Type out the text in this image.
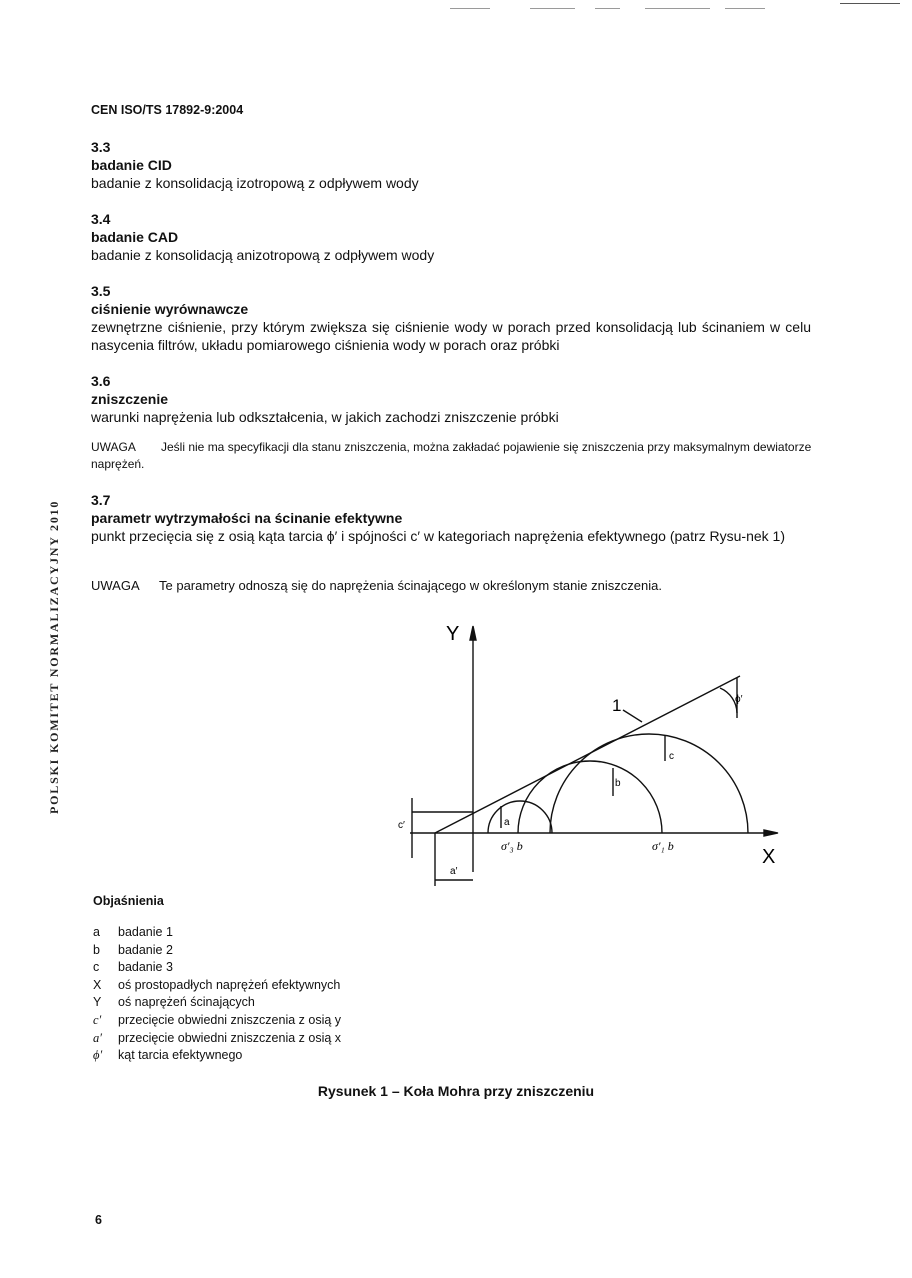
POLSKI KOMITET NORMALIZACYJNY 2010
CEN ISO/TS 17892-9:2004
3.3
badanie CID
badanie z konsolidacją izotropową z odpływem wody
3.4
badanie CAD
badanie z konsolidacją anizotropową z odpływem wody
3.5
ciśnienie wyrównawcze
zewnętrzne ciśnienie, przy którym zwiększa się ciśnienie wody w porach przed konsolidacją lub ścinaniem w celu nasycenia filtrów, układu pomiarowego ciśnienia wody w porach oraz próbki
3.6
zniszczenie
warunki naprężenia lub odkształcenia, w jakich zachodzi zniszczenie próbki
UWAGA Jeśli nie ma specyfikacji dla stanu zniszczenia, można zakładać pojawienie się zniszczenia przy maksymalnym dewiatorze naprężeń.
3.7
parametr wytrzymałości na ścinanie efektywne
punkt przecięcia się z osią kąta tarcia ϕ′ i spójności c′ w kategoriach naprężenia efektywnego (patrz Rysu-nek 1)
UWAGA Te parametry odnoszą się do naprężenia ścinającego w określonym stanie zniszczenia.
Y
X
1	ϕ′
a
b
c
c′
a′
σ′₃ b	σ′₁ b
Objaśnienia
a	badanie 1
b	badanie 2
c	badanie 3
X	oś prostopadłych naprężeń efektywnych
Y	oś naprężeń ścinających
c′	przecięcie obwiedni zniszczenia z osią y
a′	przecięcie obwiedni zniszczenia z osią x
ϕ′	kąt tarcia efektywnego
Rysunek 1 – Koła Mohra przy zniszczeniu
6
